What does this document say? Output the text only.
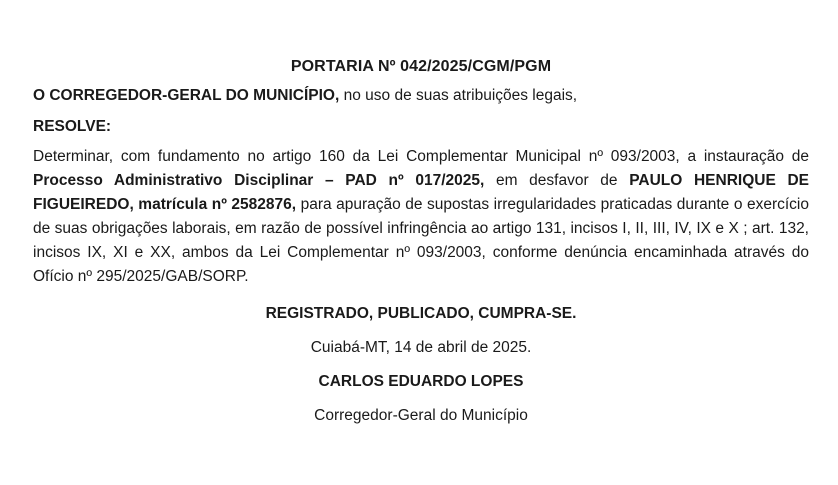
PORTARIA Nº 042/2025/CGM/PGM

O CORREGEDOR-GERAL DO MUNICÍPIO, no uso de suas atribuições legais,

RESOLVE:

Determinar, com fundamento no artigo 160 da Lei Complementar Municipal nº 093/2003, a instauração de Processo Administrativo Disciplinar – PAD nº 017/2025, em desfavor de PAULO HENRIQUE DE FIGUEIREDO, matrícula nº 2582876, para apuração de supostas irregularidades praticadas durante o exercício de suas obrigações laborais, em razão de possível infringência ao artigo 131, incisos I, II, III, IV, IX e X ; art. 132, incisos IX, XI e XX, ambos da Lei Complementar nº 093/2003, conforme denúncia encaminhada através do Ofício nº 295/2025/GAB/SORP.

REGISTRADO, PUBLICADO, CUMPRA-SE.

Cuiabá-MT, 14 de abril de 2025.

CARLOS EDUARDO LOPES

Corregedor-Geral do Município
